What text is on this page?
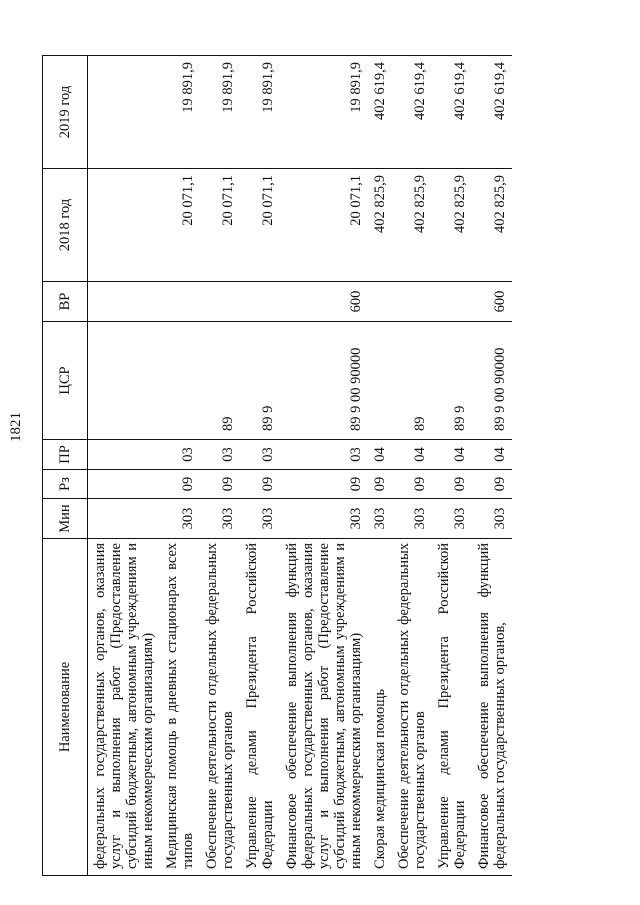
1821
Наименование	Мин	Рз	ПР	ЦСР	ВР	2018 год	2019 год
федеральных государственных органов, оказания услуг и выполнения работ (Предоставление субсидий бюджетным, автономным учреждениям и иным некоммерческим организациям)							
Медицинская помощь в дневных стационарах всех типов	303	09	03			20 071,1	19 891,9
Обеспечение деятельности отдельных федеральных государственных органов	303	09	03	89		20 071,1	19 891,9
Управление делами Президента Российской Федерации	303	09	03	89 9		20 071,1	19 891,9
Финансовое обеспечение выполнения функций федеральных государственных органов, оказания услуг и выполнения работ (Предоставление субсидий бюджетным, автономным учреждениям и иным некоммерческим организациям)	303	09	03	89 9 00 90000	600	20 071,1	19 891,9
Скорая медицинская помощь	303	09	04			402 825,9	402 619,4
Обеспечение деятельности отдельных федеральных государственных органов	303	09	04	89		402 825,9	402 619,4
Управление делами Президента Российской Федерации	303	09	04	89 9		402 825,9	402 619,4
Финансовое обеспечение выполнения функций федеральных государственных органов,	303	09	04	89 9 00 90000	600	402 825,9	402 619,4
